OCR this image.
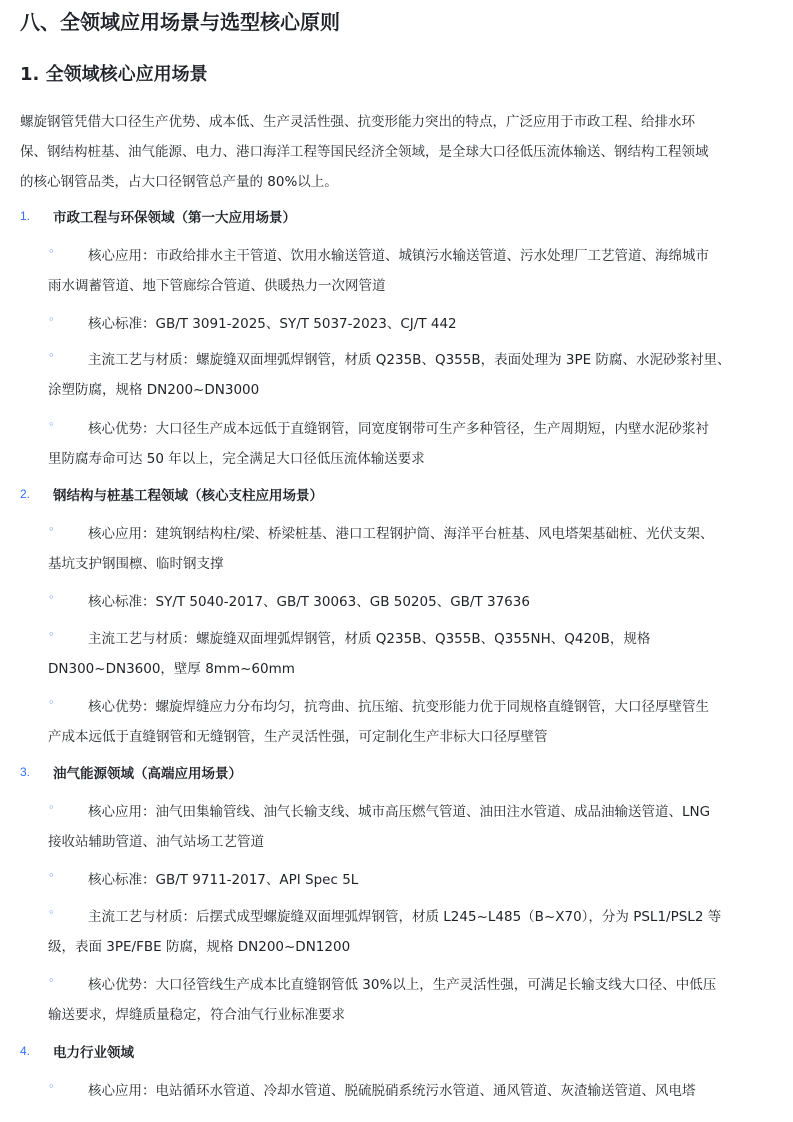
八、全领域应用场景与选型核心原则
1. 全领域核心应用场景
螺旋钢管凭借大口径生产优势、成本低、生产灵活性强、抗变形能力突出的特点，广泛应用于市政工程、给排水环
保、钢结构桩基、油气能源、电力、港口海洋工程等国民经济全领域，是全球大口径低压流体输送、钢结构工程领域
的核心钢管品类，占大口径钢管总产量的 80%以上。
1.	市政工程与环保领域（第一大应用场景）
◦	核心应用：市政给排水主干管道、饮用水输送管道、城镇污水输送管道、污水处理厂工艺管道、海绵城市
雨水调蓄管道、地下管廊综合管道、供暖热力一次网管道
◦	核心标准：GB/T 3091-2025、SY/T 5037-2023、CJ/T 442
◦	主流工艺与材质：螺旋缝双面埋弧焊钢管，材质 Q235B、Q355B，表面处理为 3PE 防腐、水泥砂浆衬里、
涂塑防腐，规格 DN200~DN3000
◦	核心优势：大口径生产成本远低于直缝钢管，同宽度钢带可生产多种管径，生产周期短，内壁水泥砂浆衬
里防腐寿命可达 50 年以上，完全满足大口径低压流体输送要求
2.	钢结构与桩基工程领域（核心支柱应用场景）
◦	核心应用：建筑钢结构柱/梁、桥梁桩基、港口工程钢护筒、海洋平台桩基、风电塔架基础桩、光伏支架、
基坑支护钢围檩、临时钢支撑
◦	核心标准：SY/T 5040-2017、GB/T 30063、GB 50205、GB/T 37636
◦	主流工艺与材质：螺旋缝双面埋弧焊钢管，材质 Q235B、Q355B、Q355NH、Q420B，规格
DN300~DN3600，壁厚 8mm~60mm
◦	核心优势：螺旋焊缝应力分布均匀，抗弯曲、抗压缩、抗变形能力优于同规格直缝钢管，大口径厚壁管生
产成本远低于直缝钢管和无缝钢管，生产灵活性强，可定制化生产非标大口径厚壁管
3.	油气能源领域（高端应用场景）
◦	核心应用：油气田集输管线、油气长输支线、城市高压燃气管道、油田注水管道、成品油输送管道、LNG
接收站辅助管道、油气站场工艺管道
◦	核心标准：GB/T 9711-2017、API Spec 5L
◦	主流工艺与材质：后摆式成型螺旋缝双面埋弧焊钢管，材质 L245~L485（B~X70），分为 PSL1/PSL2 等
级，表面 3PE/FBE 防腐，规格 DN200~DN1200
◦	核心优势：大口径管线生产成本比直缝钢管低 30%以上，生产灵活性强，可满足长输支线大口径、中低压
输送要求，焊缝质量稳定，符合油气行业标准要求
4.	电力行业领域
◦	核心应用：电站循环水管道、冷却水管道、脱硫脱硝系统污水管道、通风管道、灰渣输送管道、风电塔
